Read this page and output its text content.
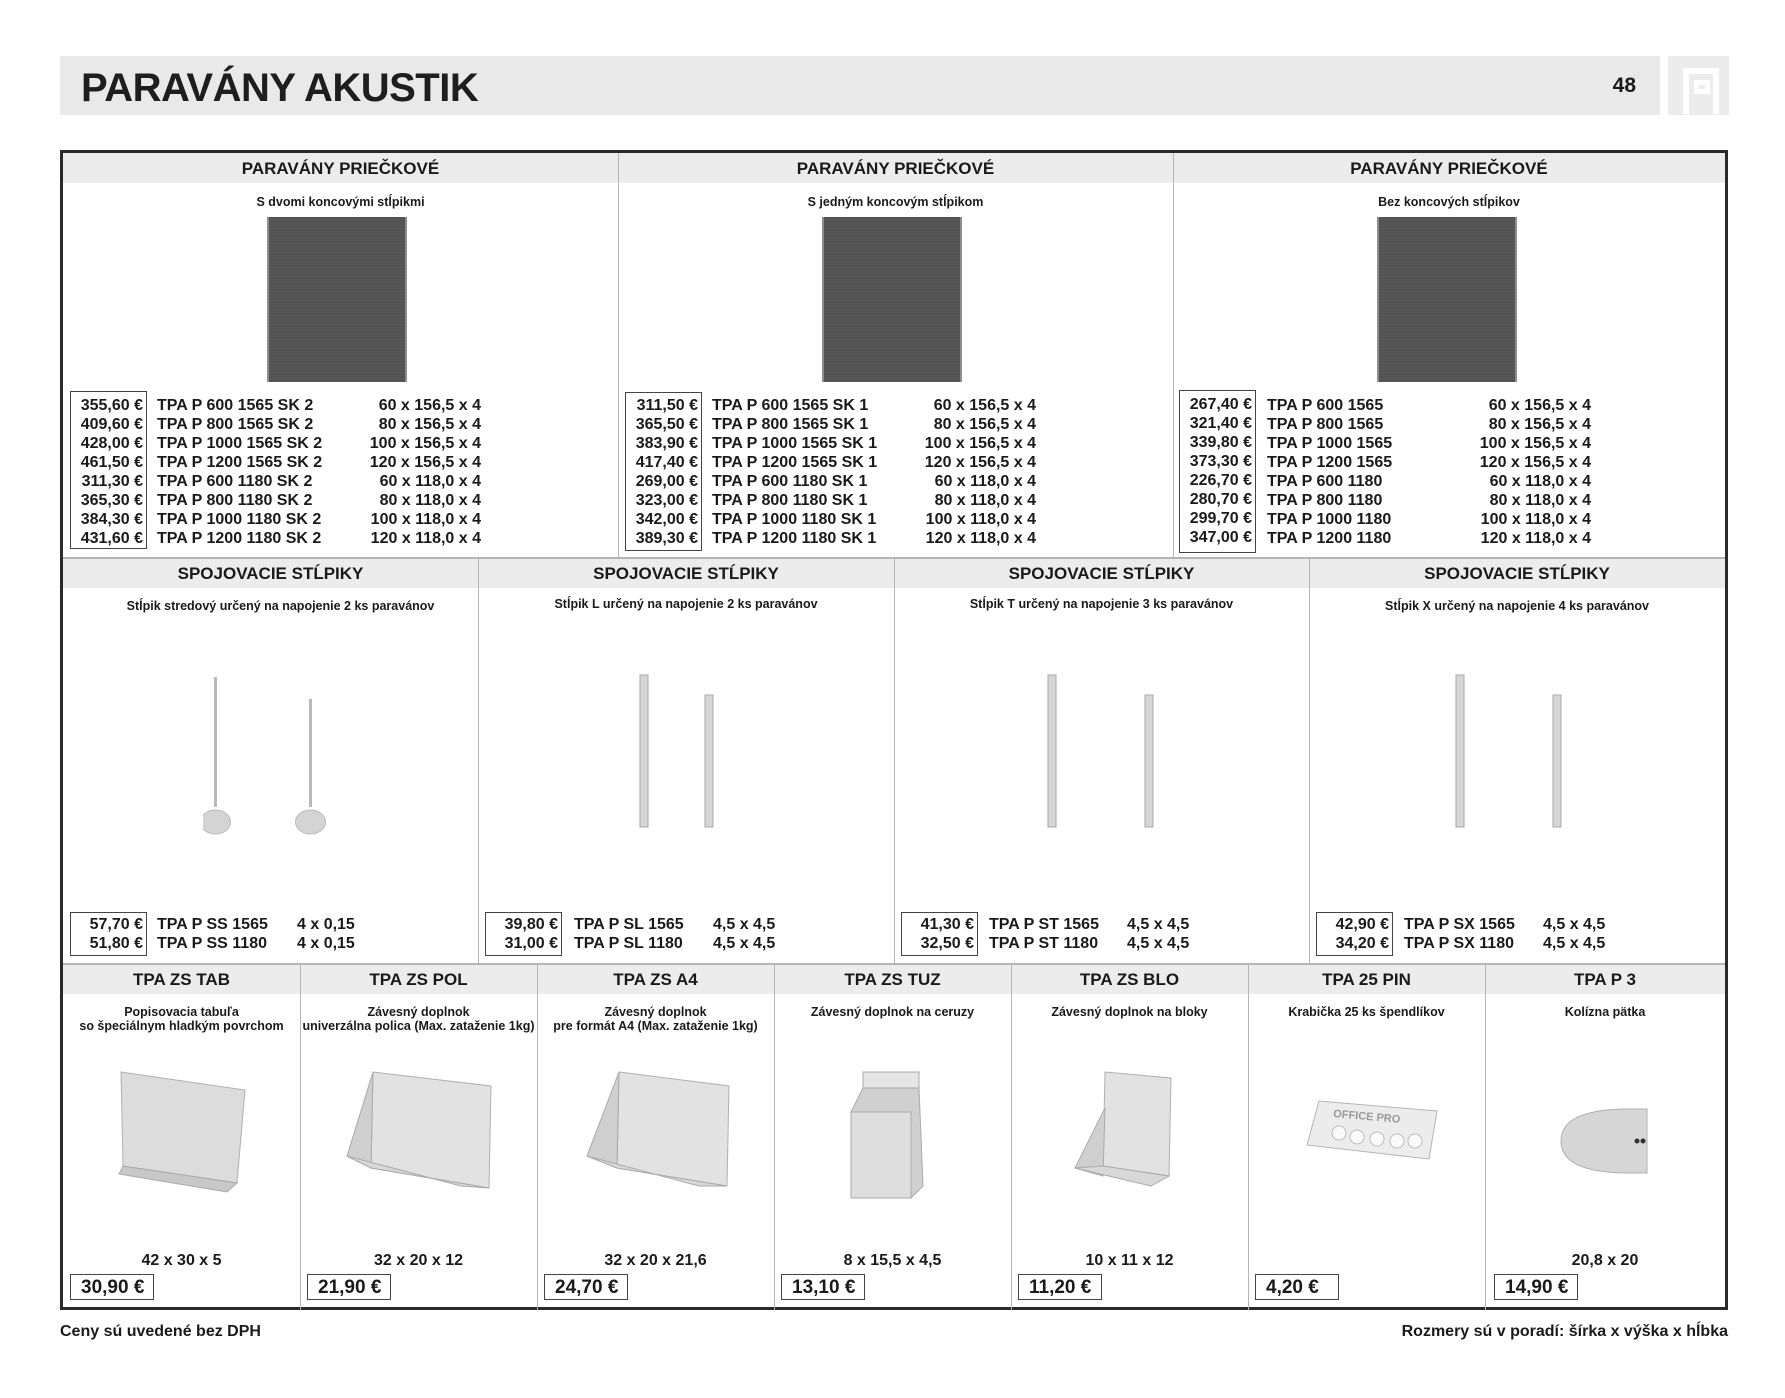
PARAVÁNY AKUSTIK	48
PARAVÁNY PRIEČKOVÉ
S dvomi koncovými stĺpikmi
355,60 €
409,60 €
428,00 €
461,50 €
311,30 €
365,30 €
384,30 €
431,60 €
TPA P 600 1565 SK 2
TPA P 800 1565 SK 2
TPA P 1000 1565 SK 2
TPA P 1200 1565 SK 2
TPA P 600 1180 SK 2
TPA P 800 1180 SK 2
TPA P 1000 1180 SK 2
TPA P 1200 1180 SK 2
60 x 156,5 x 4
80 x 156,5 x 4
100 x 156,5 x 4
120 x 156,5 x 4
60 x 118,0 x 4
80 x 118,0 x 4
100 x 118,0 x 4
120 x 118,0 x 4
PARAVÁNY PRIEČKOVÉ
S jedným koncovým stĺpikom
311,50 €
365,50 €
383,90 €
417,40 €
269,00 €
323,00 €
342,00 €
389,30 €
TPA P 600 1565 SK 1
TPA P 800 1565 SK 1
TPA P 1000 1565 SK 1
TPA P 1200 1565 SK 1
TPA P 600 1180 SK 1
TPA P 800 1180 SK 1
TPA P 1000 1180 SK 1
TPA P 1200 1180 SK 1
60 x 156,5 x 4
80 x 156,5 x 4
100 x 156,5 x 4
120 x 156,5 x 4
60 x 118,0 x 4
80 x 118,0 x 4
100 x 118,0 x 4
120 x 118,0 x 4
PARAVÁNY PRIEČKOVÉ
Bez koncových stĺpikov
267,40 €
321,40 €
339,80 €
373,30 €
226,70 €
280,70 €
299,70 €
347,00 €
TPA P 600 1565
TPA P 800 1565
TPA P 1000 1565
TPA P 1200 1565
TPA P 600 1180
TPA P 800 1180
TPA P 1000 1180
TPA P 1200 1180
60 x 156,5 x 4
80 x 156,5 x 4
100 x 156,5 x 4
120 x 156,5 x 4
60 x 118,0 x 4
80 x 118,0 x 4
100 x 118,0 x 4
120 x 118,0 x 4
SPOJOVACIE STĹPIKY
Stĺpik stredový určený na napojenie 2 ks paravánov
57,70 €
51,80 €
TPA P SS 1565
TPA P SS 1180
4 x 0,15
4 x 0,15
SPOJOVACIE STĹPIKY
Stĺpik L určený na napojenie 2 ks paravánov
39,80 €
31,00 €
TPA P SL 1565
TPA P SL 1180
4,5 x 4,5
4,5 x 4,5
SPOJOVACIE STĹPIKY
Stĺpik T určený na napojenie 3 ks paravánov
41,30 €
32,50 €
TPA P ST 1565
TPA P ST 1180
4,5 x 4,5
4,5 x 4,5
SPOJOVACIE STĹPIKY
Stĺpik X určený na napojenie 4 ks paravánov
42,90 €
34,20 €
TPA P SX 1565
TPA P SX 1180
4,5 x 4,5
4,5 x 4,5
TPA ZS TAB
Popisovacia tabuľa
so špeciálnym hladkým povrchom
42 x 30 x 5
30,90 €
TPA ZS POL
Závesný doplnok
univerzálna polica (Max. zataženie 1kg)
32 x 20 x 12
21,90 €
TPA ZS A4
Závesný doplnok
pre formát A4 (Max. zataženie 1kg)
32 x 20 x 21,6
24,70 €
TPA ZS TUZ
Závesný doplnok na ceruzy
8 x 15,5 x 4,5
13,10 €
TPA ZS BLO
Závesný doplnok na bloky
10 x 11 x 12
11,20 €
TPA 25 PIN
Krabička 25 ks špendlíkov
OFFICE PRO
4,20 €
TPA P 3
Kolízna pätka
20,8 x 20
14,90 €
Ceny sú uvedené bez DPH	Rozmery sú v poradí: šírka x výška x hĺbka
